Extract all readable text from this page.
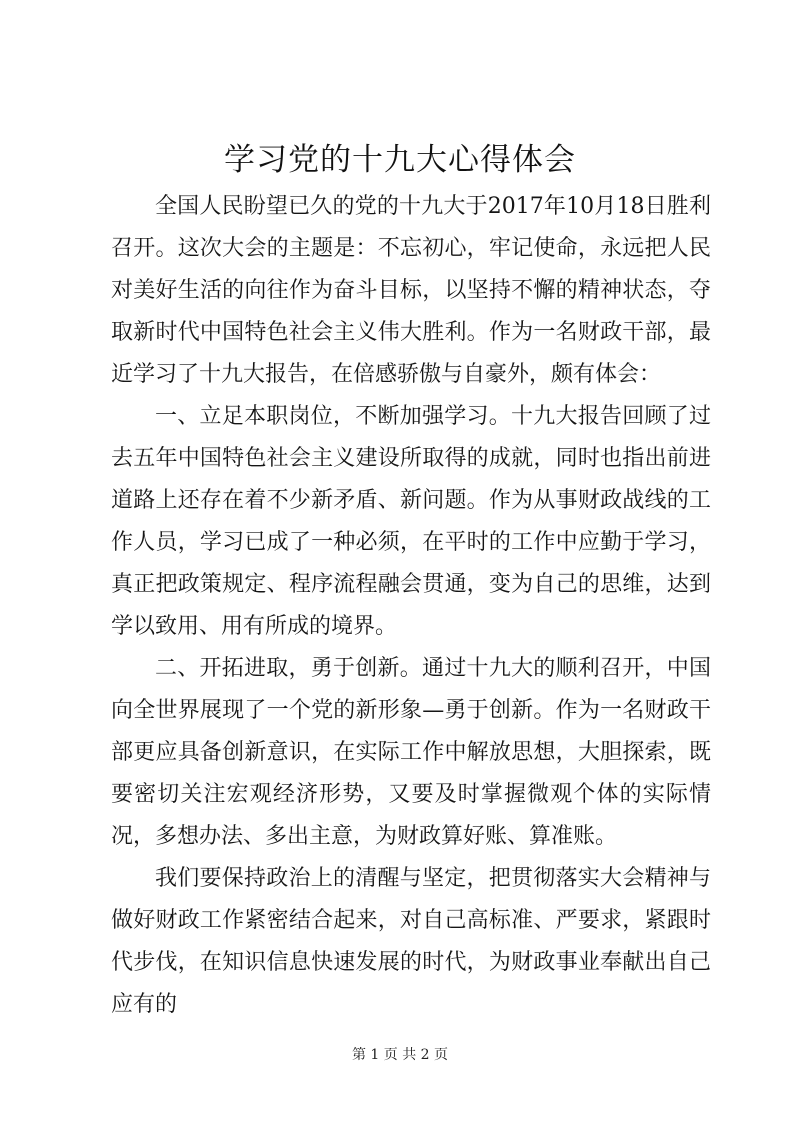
学习党的十九大心得体会

全国人民盼望已久的党的十九大于2017年10月18日胜利召开。这次大会的主题是：不忘初心，牢记使命，永远把人民对美好生活的向往作为奋斗目标，以坚持不懈的精神状态，夺取新时代中国特色社会主义伟大胜利。作为一名财政干部，最近学习了十九大报告，在倍感骄傲与自豪外，颇有体会：

一、立足本职岗位，不断加强学习。十九大报告回顾了过去五年中国特色社会主义建设所取得的成就，同时也指出前进道路上还存在着不少新矛盾、新问题。作为从事财政战线的工作人员，学习已成了一种必须，在平时的工作中应勤于学习，真正把政策规定、程序流程融会贯通，变为自己的思维，达到学以致用、用有所成的境界。

二、开拓进取，勇于创新。通过十九大的顺利召开，中国向全世界展现了一个党的新形象—勇于创新。作为一名财政干部更应具备创新意识，在实际工作中解放思想，大胆探索，既要密切关注宏观经济形势，又要及时掌握微观个体的实际情况，多想办法、多出主意，为财政算好账、算准账。

我们要保持政治上的清醒与坚定，把贯彻落实大会精神与做好财政工作紧密结合起来，对自己高标准、严要求，紧跟时代步伐，在知识信息快速发展的时代，为财政事业奉献出自己应有的

第 1 页 共 2 页
